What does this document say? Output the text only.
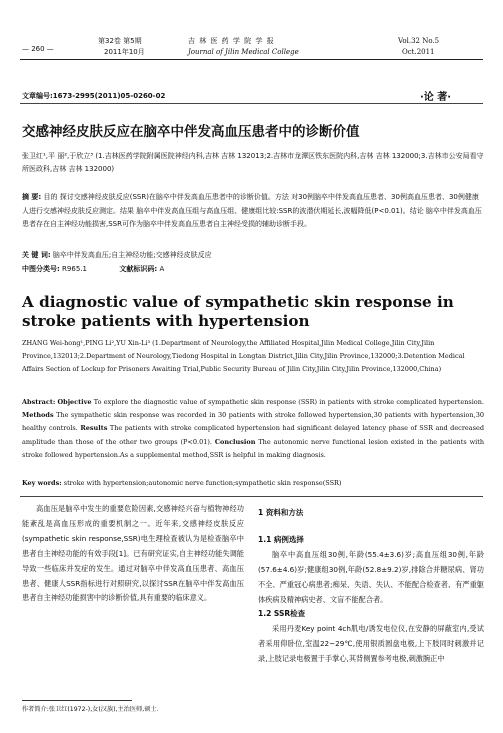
— 260 —
第32卷 第5期
2011年10月
吉 林 医 药 学 院 学 报
Journal of Jilin Medical College
Vol.32 No.5
Oct.2011
文章编号:1673-2995(2011)05-0260-02	·论 著·
交感神经皮肤反应在脑卒中伴发高血压患者中的诊断价值
张卫红¹,平 丽²,于欣立³ (1.吉林医药学院附属医院神经内科,吉林 吉林 132013;2.吉林市龙潭区铁东医院内科,吉林 吉林 132000;3.吉林市公安局看守所医政科,吉林 吉林 132000)
摘 要: 目的 探讨交感神经皮肤反应(SSR)在脑卒中伴发高血压患者中的诊断价值。方法 对30例脑卒中伴发高血压患者、30例高血压患者、30例健康人进行交感神经皮肤反应测定。结果 脑卒中伴发高血压组与高血压组、健康组比较:SSR的波潜伏期延长,波幅降低(P<0.01)。结论 脑卒中伴发高血压患者存在自主神经功能损害,SSR可作为脑卒中伴发高血压患者自主神经受损的辅助诊断手段。
关 键 词: 脑卒中伴发高血压;自主神经功能;交感神经皮肤反应
中图分类号: R965.1	文献标识码: A
A diagnostic value of sympathetic skin response in stroke patients with hypertension
ZHANG Wei-hong¹,PING Li²,YU Xin-Li³ (1.Department of Neurology,the Affiliated Hospital,Jilin Medical College,Jilin City,Jilin Province,132013;2.Department of Neurology,Tiedong Hospital in Longtan District,Jilin City,Jilin Province,132000;3.Detention Medical Affairs Section of Lockup for Prisoners Awaiting Trial,Public Security Bureau of Jilin City,Jilin City,Jilin Province,132000,China)
Abstract: Objective To explore the diagnostic value of sympathetic skin response (SSR) in patients with stroke complicated hypertension. Methods The sympathetic skin response was recorded in 30 patients with stroke followed hypertension,30 patients with hypertension,30 healthy controls. Results The patients with stroke complicated hypertension had significant delayed latency phase of SSR and decreased amplitude than those of the other two groups (P<0.01). Conclusion The autonomic nerve functional lesion existed in the patients with stroke followed hypertension.As a supplemental method,SSR is helpful in making diagnosis.
Key words: stroke with hypertension;autonomic nerve function;sympathetic skin response(SSR)
高血压是脑卒中发生的重要危险因素,交感神经兴奋与植物神经功能紊乱是高血压形成的重要机制之一。近年来,交感神经皮肤反应(sympathetic skin response,SSR)电生理检查被认为是检查脑卒中患者自主神经功能的有效手段[1]。已有研究证实,自主神经功能失调能导致一些临床并发症的发生。通过对脑卒中伴发高血压患者、高血压患者、健康人SSR指标进行对照研究,以探讨SSR在脑卒中伴发高血压患者自主神经功能损害中的诊断价值,具有重要的临床意义。
作者简介:张卫红(1972-),女(汉族),主治医师,硕士.

1 资料和方法

1.1 病例选择

脑卒中高血压组30例,年龄(55.4±3.6)岁;高血压组30例,年龄(57.6±4.6)岁;健康组30例,年龄(52.8±9.2)岁,排除合并糖尿病、肾功不全、严重冠心病患者;痴呆、失语、失认、不能配合检查者、有严重躯体疾病及精神病史者、文盲不能配合者。

1.2 SSR检查

采用丹麦Key point 4ch肌电/诱发电位仪,在安静的屏蔽室内,受试者采用仰卧位,室温22~29℃,使用银质圆盘电极,上下肢同时刺激并记录,上肢记录电极置于手掌心,其背侧置参考电极,刺激腕正中
